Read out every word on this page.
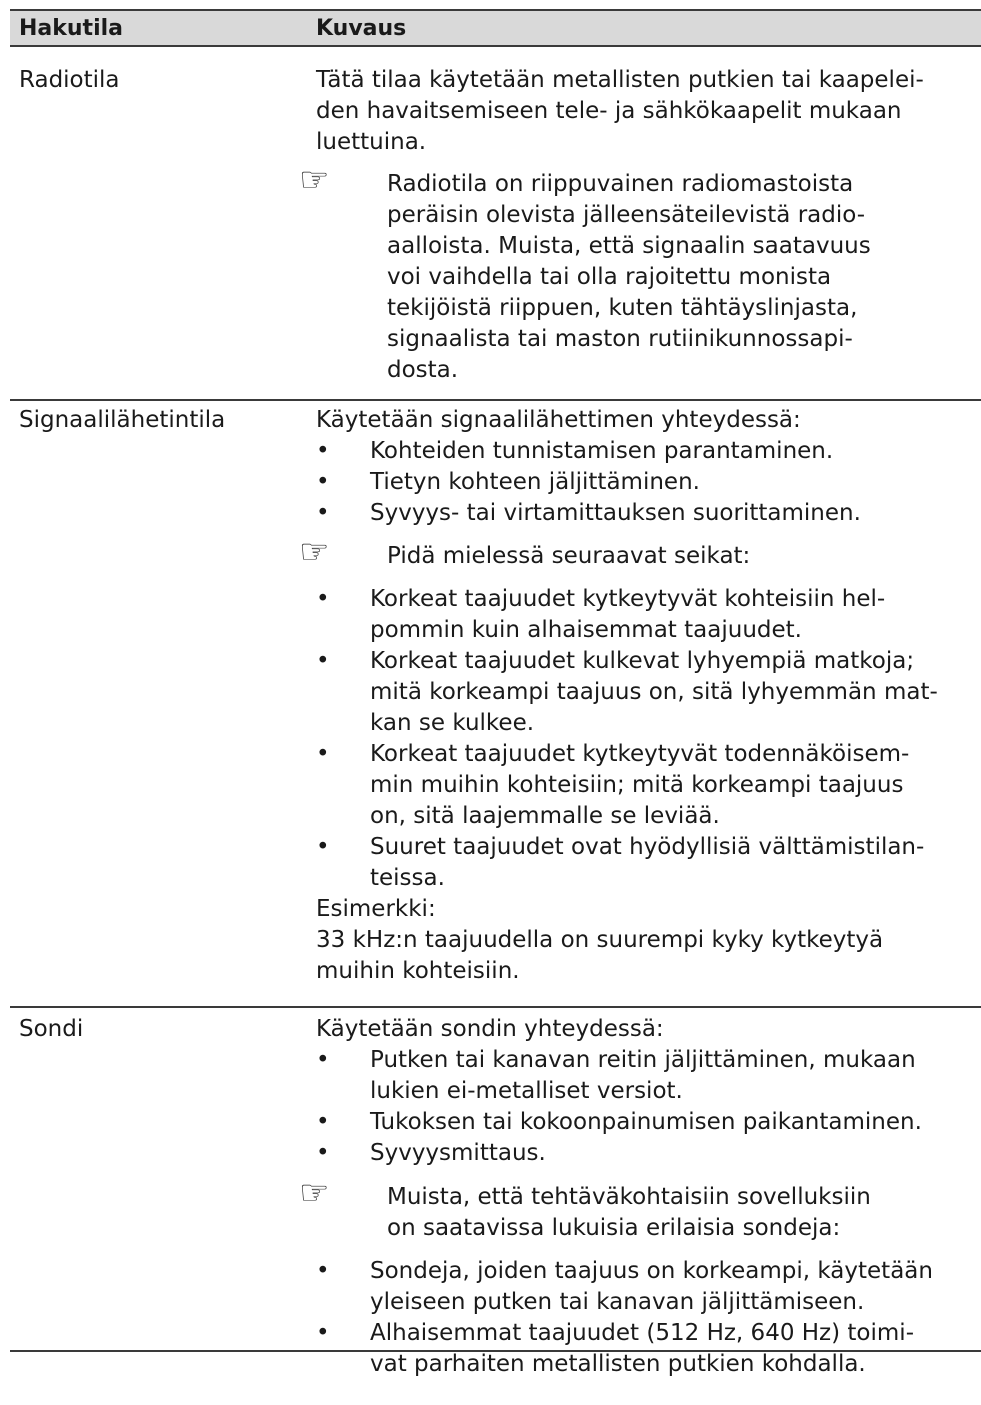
Hakutila	Kuvaus
Radiotila	Tätä tilaa käytetään metallisten putkien tai kaapelei-
den havaitsemiseen tele- ja sähkökaapelit mukaan
luettuina.
☞	Radiotila on riippuvainen radiomastoista
peräisin olevista jälleensäteilevistä radio-
aalloista. Muista, että signaalin saatavuus
voi vaihdella tai olla rajoitettu monista
tekijöistä riippuen, kuten tähtäyslinjasta,
signaalista tai maston rutiinikunnossapi-
dosta.
Signaalilähetintila	Käytetään signaalilähettimen yhteydessä:
• Kohteiden tunnistamisen parantaminen.
• Tietyn kohteen jäljittäminen.
• Syvyys- tai virtamittauksen suorittaminen.
☞	Pidä mielessä seuraavat seikat:
• Korkeat taajuudet kytkeytyvät kohteisiin hel-
pommin kuin alhaisemmat taajuudet.
• Korkeat taajuudet kulkevat lyhyempiä matkoja;
mitä korkeampi taajuus on, sitä lyhyemmän mat-
kan se kulkee.
• Korkeat taajuudet kytkeytyvät todennäköisem-
min muihin kohteisiin; mitä korkeampi taajuus
on, sitä laajemmalle se leviää.
• Suuret taajuudet ovat hyödyllisiä välttämistilan-
teissa.
Esimerkki:
33 kHz:n taajuudella on suurempi kyky kytkeytyä
muihin kohteisiin.
Sondi	Käytetään sondin yhteydessä:
• Putken tai kanavan reitin jäljittäminen, mukaan
lukien ei-metalliset versiot.
• Tukoksen tai kokoonpainumisen paikantaminen.
• Syvyysmittaus.
☞	Muista, että tehtäväkohtaisiin sovelluksiin
on saatavissa lukuisia erilaisia sondeja:
• Sondeja, joiden taajuus on korkeampi, käytetään
yleiseen putken tai kanavan jäljittämiseen.
• Alhaisemmat taajuudet (512 Hz, 640 Hz) toimi-
vat parhaiten metallisten putkien kohdalla.
